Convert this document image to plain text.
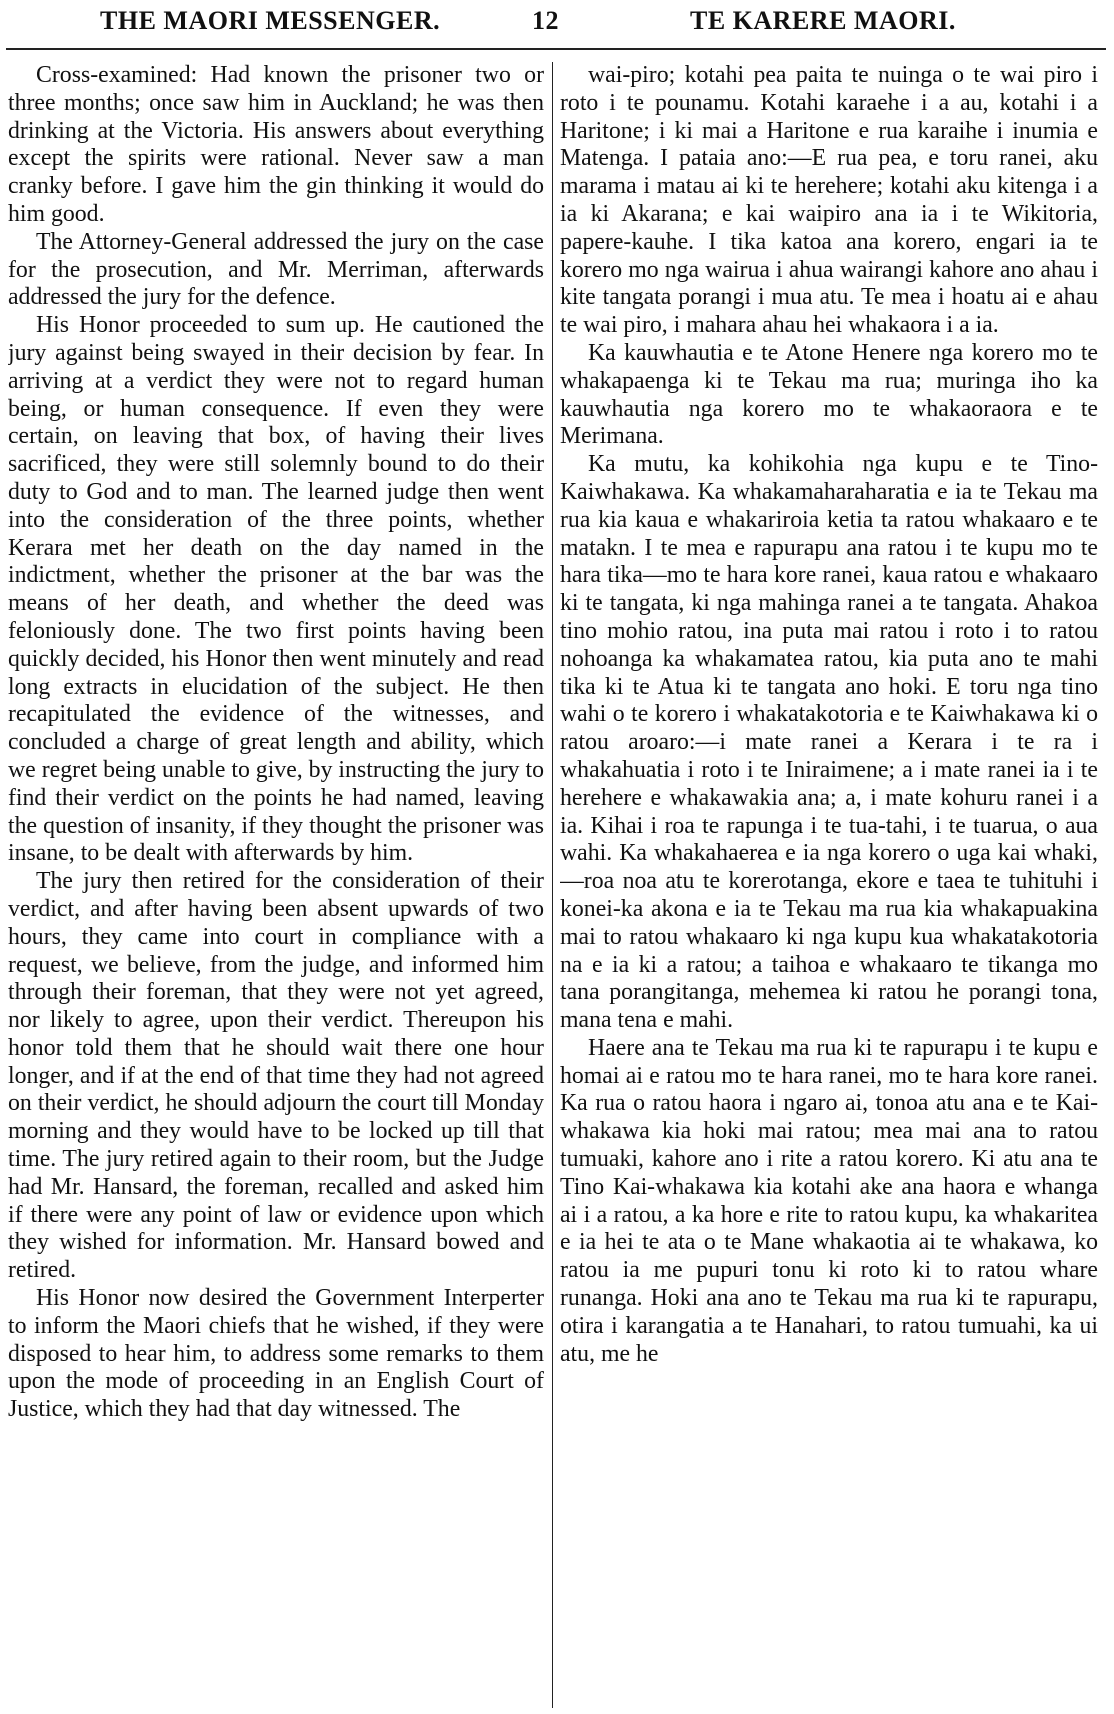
THE MAORI MESSENGER.	12	TE KARERE MAORI.

Cross-examined: Had known the prisoner two or three months; once saw him in Auckland; he was then drinking at the Victoria. His answers about everything except the spirits were rational. Never saw a man cranky before. I gave him the gin thinking it would do him good.

The Attorney-General addressed the jury on the case for the prosecution, and Mr. Merriman, afterwards addressed the jury for the defence.

His Honor proceeded to sum up. He cautioned the jury against being swayed in their decision by fear. In arriving at a verdict they were not to regard human being, or human consequence. If even they were certain, on leaving that box, of having their lives sacrificed, they were still solemnly bound to do their duty to God and to man. The learned judge then went into the consideration of the three points, whether Kerara met her death on the day named in the indictment, whether the prisoner at the bar was the means of her death, and whether the deed was feloniously done. The two first points having been quickly decided, his Honor then went minutely and read long extracts in elucidation of the subject. He then recapitulated the evidence of the witnesses, and concluded a charge of great length and ability, which we regret being unable to give, by instructing the jury to find their verdict on the points he had named, leaving the question of insanity, if they thought the prisoner was insane, to be dealt with afterwards by him.

The jury then retired for the consideration of their verdict, and after having been absent upwards of two hours, they came into court in compliance with a request, we believe, from the judge, and informed him through their foreman, that they were not yet agreed, nor likely to agree, upon their verdict. Thereupon his honor told them that he should wait there one hour longer, and if at the end of that time they had not agreed on their verdict, he should adjourn the court till Monday morning and they would have to be locked up till that time. The jury retired again to their room, but the Judge had Mr. Hansard, the foreman, recalled and asked him if there were any point of law or evidence upon which they wished for information. Mr. Hansard bowed and retired.

His Honor now desired the Government Interperter to inform the Maori chiefs that he wished, if they were disposed to hear him, to address some remarks to them upon the mode of proceeding in an English Court of Justice, which they had that day witnessed. The

wai-piro; kotahi pea paita te nuinga o te wai piro i roto i te pounamu. Kotahi karaehe i a au, kotahi i a Haritone; i ki mai a Haritone e rua karaihe i inumia e Matenga. I pataia ano:—E rua pea, e toru ranei, aku marama i matau ai ki te herehere; kotahi aku kitenga i a ia ki Akarana; e kai waipiro ana ia i te Wikitoria, papere-kauhe. I tika katoa ana korero, engari ia te korero mo nga wairua i ahua wairangi kahore ano ahau i kite tangata porangi i mua atu. Te mea i hoatu ai e ahau te wai piro, i mahara ahau hei whakaora i a ia.

Ka kauwhautia e te Atone Henere nga korero mo te whakapaenga ki te Tekau ma rua; muringa iho ka kauwhautia nga korero mo te whakaoraora e te Merimana.

Ka mutu, ka kohikohia nga kupu e te Tino-Kaiwhakawa. Ka whakamaharaharatia e ia te Tekau ma rua kia kaua e whakariroia ketia ta ratou whakaaro e te matakn. I te mea e rapurapu ana ratou i te kupu mo te hara tika—mo te hara kore ranei, kaua ratou e whakaaro ki te tangata, ki nga mahinga ranei a te tangata. Ahakoa tino mohio ratou, ina puta mai ratou i roto i to ratou nohoanga ka whakamatea ratou, kia puta ano te mahi tika ki te Atua ki te tangata ano hoki. E toru nga tino wahi o te korero i whakatakotoria e te Kaiwhakawa ki o ratou aroaro:—i mate ranei a Kerara i te ra i whakahuatia i roto i te Iniraimene; a i mate ranei ia i te herehere e whakawakia ana; a, i mate kohuru ranei i a ia. Kihai i roa te rapunga i te tua-tahi, i te tuarua, o aua wahi. Ka whakahaerea e ia nga korero o uga kai whaki,—roa noa atu te korerotanga, ekore e taea te tuhituhi i konei-ka akona e ia te Tekau ma rua kia whakapuakina mai to ratou whakaaro ki nga kupu kua whakatakotoria na e ia ki a ratou; a taihoa e whakaaro te tikanga mo tana porangitanga, mehemea ki ratou he porangi tona, mana tena e mahi.

Haere ana te Tekau ma rua ki te rapurapu i te kupu e homai ai e ratou mo te hara ranei, mo te hara kore ranei. Ka rua o ratou haora i ngaro ai, tonoa atu ana e te Kai-whakawa kia hoki mai ratou; mea mai ana to ratou tumuaki, kahore ano i rite a ratou korero. Ki atu ana te Tino Kai-whakawa kia kotahi ake ana haora e whanga ai i a ratou, a ka hore e rite to ratou kupu, ka whakaritea e ia hei te ata o te Mane whakaotia ai te whakawa, ko ratou ia me pupuri tonu ki roto ki to ratou whare runanga. Hoki ana ano te Tekau ma rua ki te rapurapu, otira i karangatia a te Hanahari, to ratou tumuahi, ka ui atu, me he
